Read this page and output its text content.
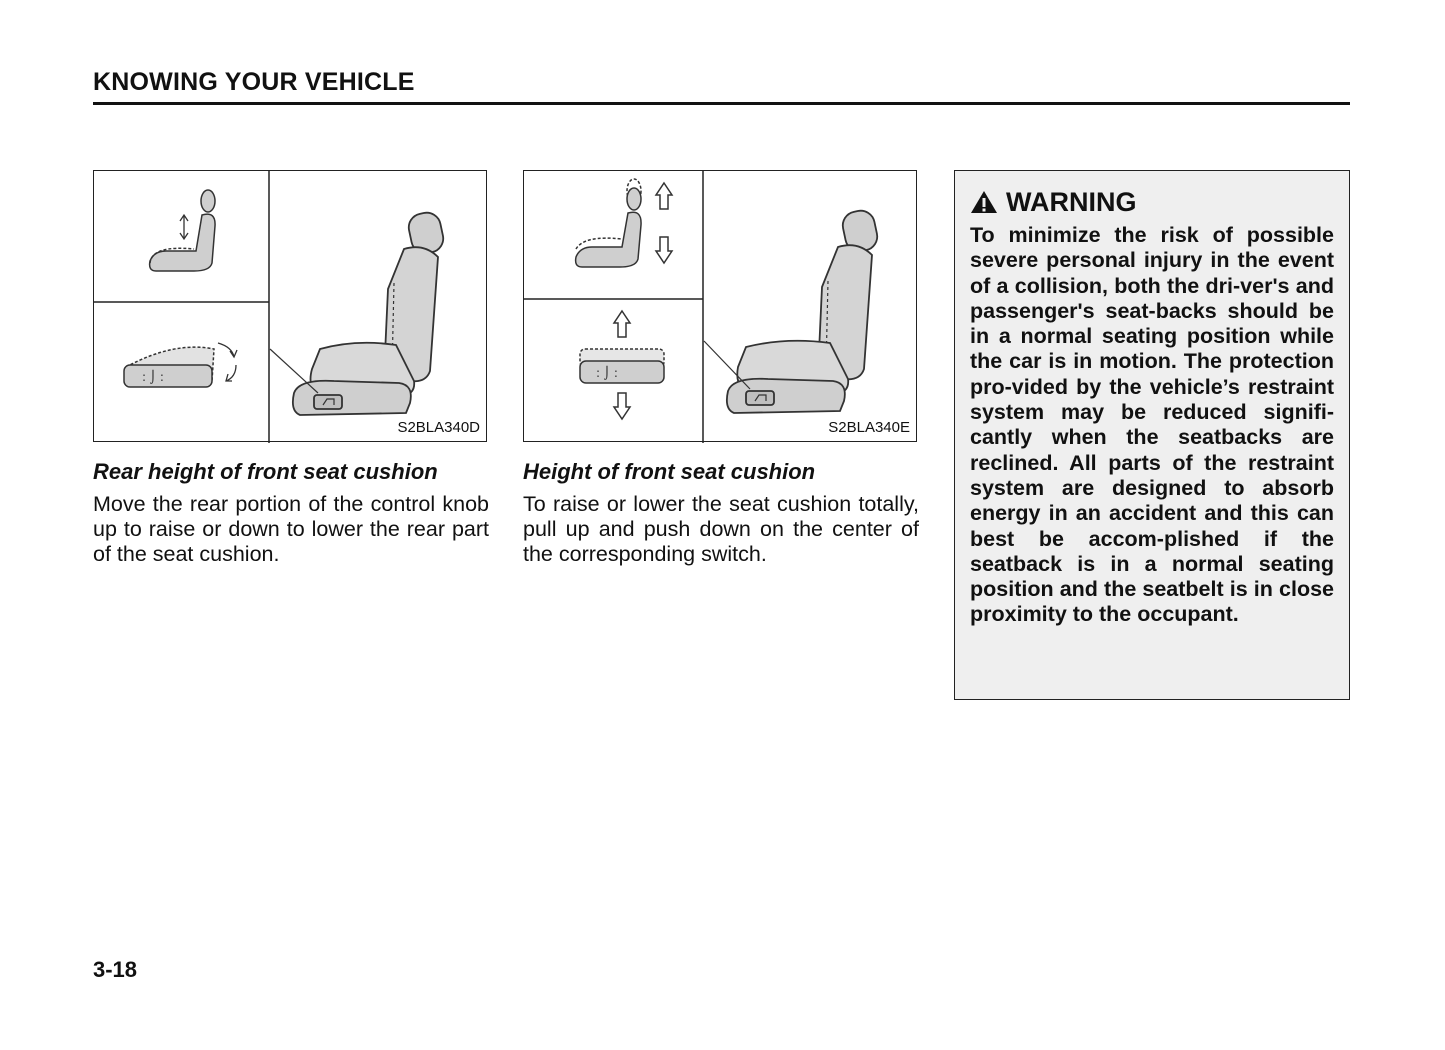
KNOWING YOUR VEHICLE
: ⌡ :
S2BLA340D
: ⌡ :
S2BLA340E
Rear height of front seat cushion
Move the rear portion of the control knob up to raise or down to lower the rear part of the seat cushion.
Height of front seat cushion
To raise or lower the seat cushion totally, pull up and push down on the center of the corresponding switch.
WARNING
To minimize the risk of possible severe personal injury in the event of a collision, both the dri-ver's and passenger's seat-backs should be in a normal seating position while the car is in motion. The protection pro-vided by the vehicle’s restraint system may be reduced signifi-cantly when the seatbacks are reclined. All parts of the restraint system are designed to absorb energy in an accident and this can best be accom-plished if the seatback is in a normal seating position and the seatbelt is in close proximity to the occupant.
3-18
